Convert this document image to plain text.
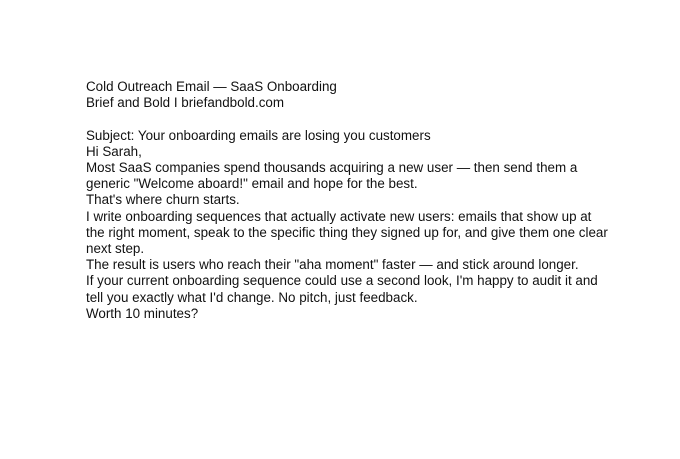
Cold Outreach Email — SaaS Onboarding

Brief and Bold I briefandbold.com

Subject: Your onboarding emails are losing you customers

Hi Sarah,

Most SaaS companies spend thousands acquiring a new user — then send them a

generic "Welcome aboard!" email and hope for the best.

That's where churn starts.

I write onboarding sequences that actually activate new users: emails that show up at

the right moment, speak to the specific thing they signed up for, and give them one clear

next step.

The result is users who reach their "aha moment" faster — and stick around longer.

If your current onboarding sequence could use a second look, I'm happy to audit it and

tell you exactly what I'd change. No pitch, just feedback.

Worth 10 minutes?
